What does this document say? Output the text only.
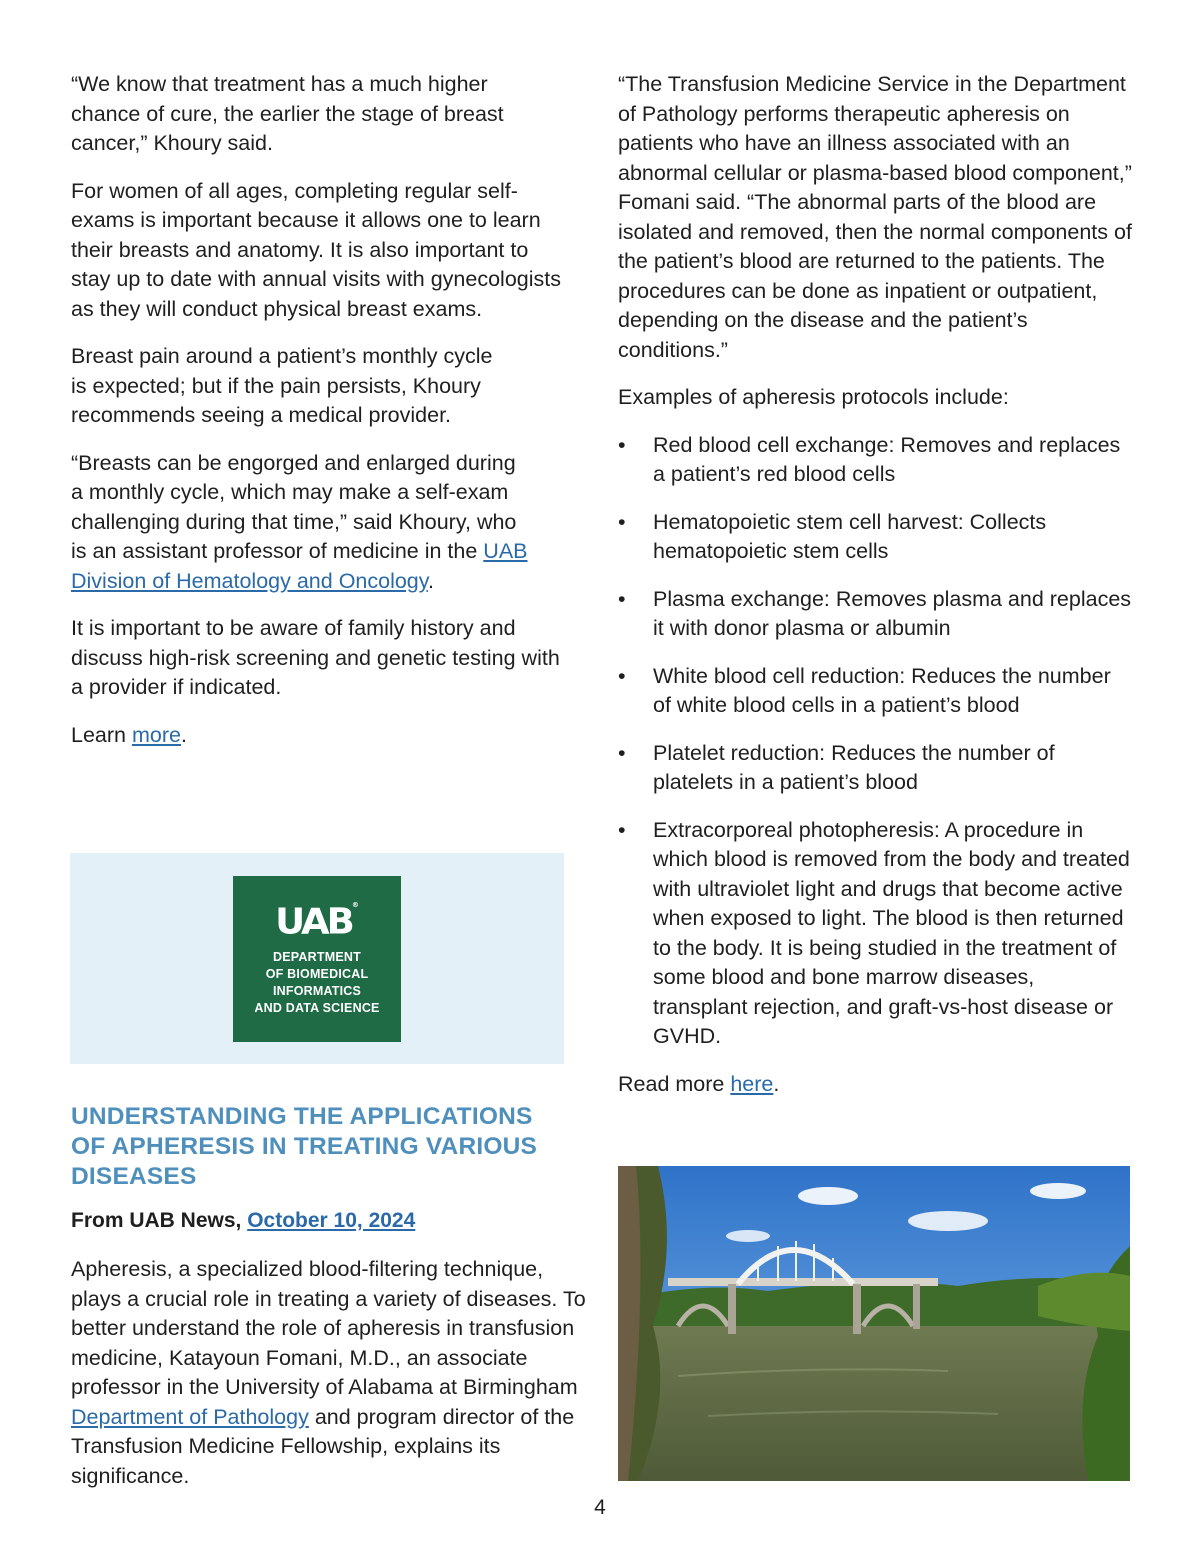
“We know that treatment has a much higher
chance of cure, the earlier the stage of breast
cancer,” Khoury said.

For women of all ages, completing regular self-
exams is important because it allows one to learn
their breasts and anatomy. It is also important to
stay up to date with annual visits with gynecologists
as they will conduct physical breast exams.

Breast pain around a patient’s monthly cycle
is expected; but if the pain persists, Khoury
recommends seeing a medical provider.

“Breasts can be engorged and enlarged during
a monthly cycle, which may make a self-exam
challenging during that time,” said Khoury, who
is an assistant professor of medicine in the UAB Division of Hematology and Oncology.

It is important to be aware of family history and
discuss high-risk screening and genetic testing with
a provider if indicated.

Learn more.

UAB®
DEPARTMENT
OF BIOMEDICAL
INFORMATICS
AND DATA SCIENCE
UNDERSTANDING THE APPLICATIONS OF APHERESIS IN TREATING VARIOUS DISEASES
From UAB News, October 10, 2024

Apheresis, a specialized blood-filtering technique, plays a crucial role in treating a variety of diseases. To better understand the role of apheresis in transfusion medicine, Katayoun Fomani, M.D., an associate professor in the University of Alabama at Birmingham Department of Pathology and program director of the Transfusion Medicine Fellowship, explains its significance.

“The Transfusion Medicine Service in the Department of Pathology performs therapeutic apheresis on patients who have an illness associated with an abnormal cellular or plasma-based blood component,” Fomani said. “The abnormal parts of the blood are isolated and removed, then the normal components of the patient’s blood are returned to the patients. The procedures can be done as inpatient or outpatient, depending on the disease and the patient’s conditions.”

Examples of apheresis protocols include:

• Red blood cell exchange: Removes and replaces a patient’s red blood cells
• Hematopoietic stem cell harvest: Collects hematopoietic stem cells
• Plasma exchange: Removes plasma and replaces it with donor plasma or albumin
• White blood cell reduction: Reduces the number of white blood cells in a patient’s blood
• Platelet reduction: Reduces the number of platelets in a patient’s blood
• Extracorporeal photopheresis: A procedure in which blood is removed from the body and treated with ultraviolet light and drugs that become active when exposed to light. The blood is then returned to the body. It is being studied in the treatment of some blood and bone marrow diseases, transplant rejection, and graft-vs-host disease or GVHD.

Read more here.

4
